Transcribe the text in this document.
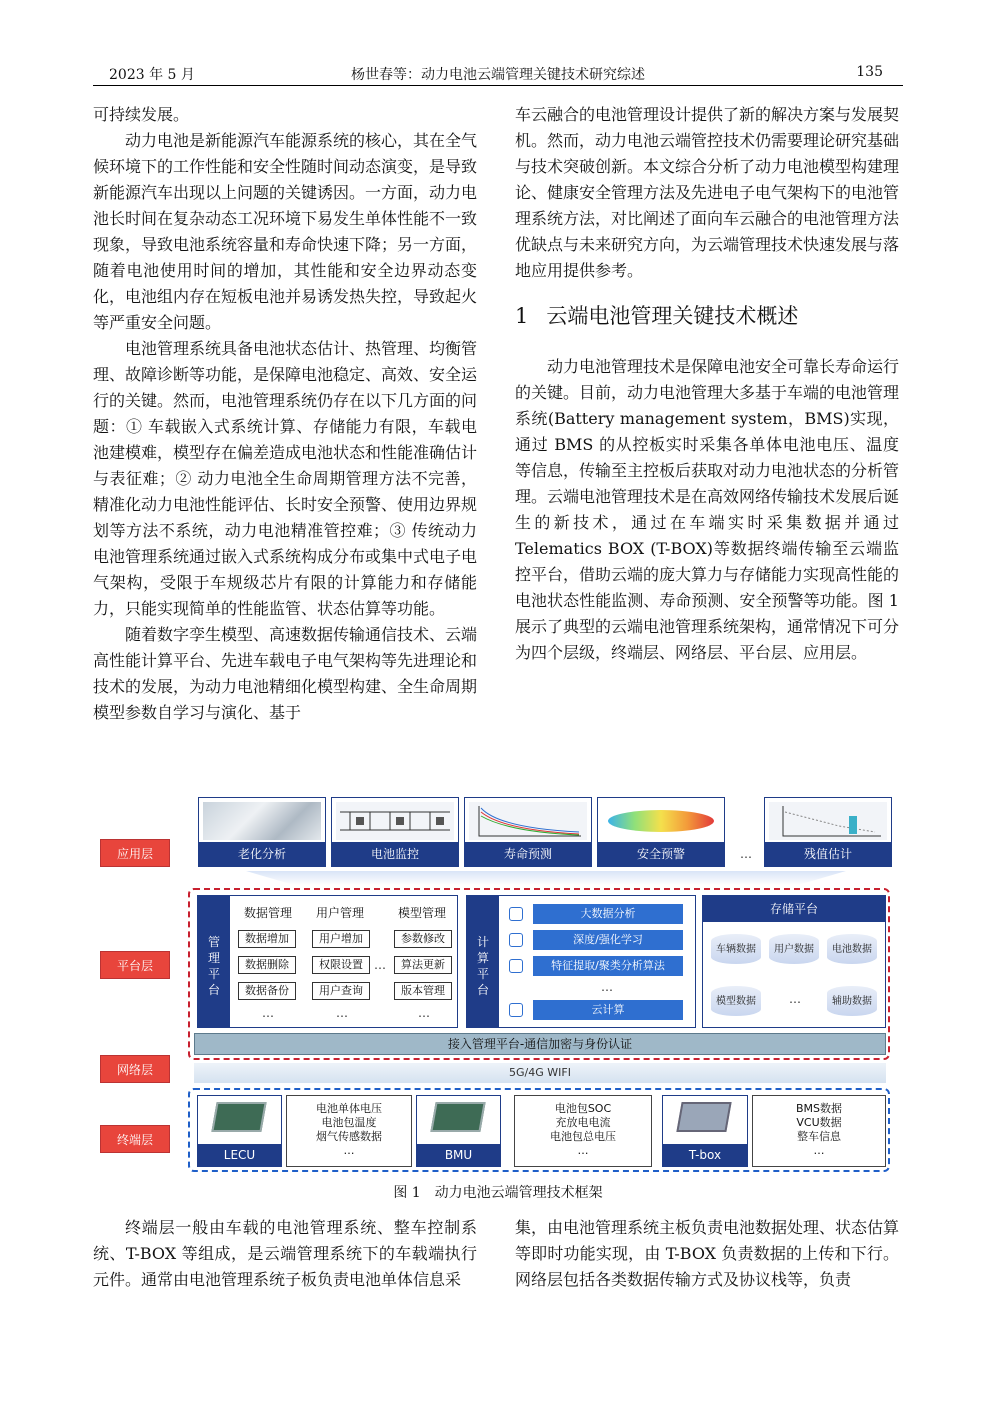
2023 年 5 月	杨世春等：动力电池云端管理关键技术研究综述	135

可持续发展。

动力电池是新能源汽车能源系统的核心，其在全气候环境下的工作性能和安全性随时间动态演变，是导致新能源汽车出现以上问题的关键诱因。一方面，动力电池长时间在复杂动态工况环境下易发生单体性能不一致现象，导致电池系统容量和寿命快速下降；另一方面，随着电池使用时间的增加，其性能和安全边界动态变化，电池组内存在短板电池并易诱发热失控，导致起火等严重安全问题。

电池管理系统具备电池状态估计、热管理、均衡管理、故障诊断等功能，是保障电池稳定、高效、安全运行的关键。然而，电池管理系统仍存在以下几方面的问题：① 车载嵌入式系统计算、存储能力有限，车载电池建模难，模型存在偏差造成电池状态和性能准确估计与表征难；② 动力电池全生命周期管理方法不完善，精准化动力电池性能评估、长时安全预警、使用边界规划等方法不系统，动力电池精准管控难；③ 传统动力电池管理系统通过嵌入式系统构成分布或集中式电子电气架构，受限于车规级芯片有限的计算能力和存储能力，只能实现简单的性能监管、状态估算等功能。

随着数字孪生模型、高速数据传输通信技术、云端高性能计算平台、先进车载电子电气架构等先进理论和技术的发展，为动力电池精细化模型构建、全生命周期模型参数自学习与演化、基于

车云融合的电池管理设计提供了新的解决方案与发展契机。然而，动力电池云端管控技术仍需要理论研究基础与技术突破创新。本文综合分析了动力电池模型构建理论、健康安全管理方法及先进电子电气架构下的电池管理系统方法，对比阐述了面向车云融合的电池管理方法优缺点与未来研究方向，为云端管理技术快速发展与落地应用提供参考。

1 云端电池管理关键技术概述

动力电池管理技术是保障电池安全可靠长寿命运行的关键。目前，动力电池管理大多基于车端的电池管理系统(Battery management system，BMS)实现，通过 BMS 的从控板实时采集各单体电池电压、温度等信息，传输至主控板后获取对动力电池状态的分析管理。云端电池管理技术是在高效网络传输技术发展后诞生的新技术，通过在车端实时采集数据并通过 Telematics BOX (T-BOX)等数据终端传输至云端监控平台，借助云端的庞大算力与存储能力实现高性能的电池状态性能监测、寿命预测、安全预警等功能。图 1 展示了典型的云端电池管理系统架构，通常情况下可分为四个层级，终端层、网络层、平台层、应用层。

应用层
平台层
网络层
终端层
老化分析	电池监控	寿命预测	安全预警	…	残值估计
管
理
平
台
数据管理 用户管理	模型管理
数据增加	用户增加	参数修改
数据删除	权限设置 …	算法更新
数据备份	用户查询	版本管理
…	…	…
计
算
平
台
大数据分析
深度/强化学习
特征提取/聚类分析算法
…
云计算
存储平台
车辆数据	用户数据	电池数据
模型数据	…	辅助数据
接入管理平台-通信加密与身份认证
5G/4G WIFI
LECU
电池单体电压
电池包温度
烟气传感数据
…	BMU
电池包SOC
充放电电流
电池包总电压
…	T-box
BMS数据
VCU数据
整车信息
…
图 1　动力电池云端管理技术框架

终端层一般由车载的电池管理系统、整车控制系统、T-BOX 等组成，是云端管理系统下的车载端执行元件。通常由电池管理系统子板负责电池单体信息采

集，由电池管理系统主板负责电池数据处理、状态估算等即时功能实现，由 T-BOX 负责数据的上传和下行。网络层包括各类数据传输方式及协议栈等，负责
